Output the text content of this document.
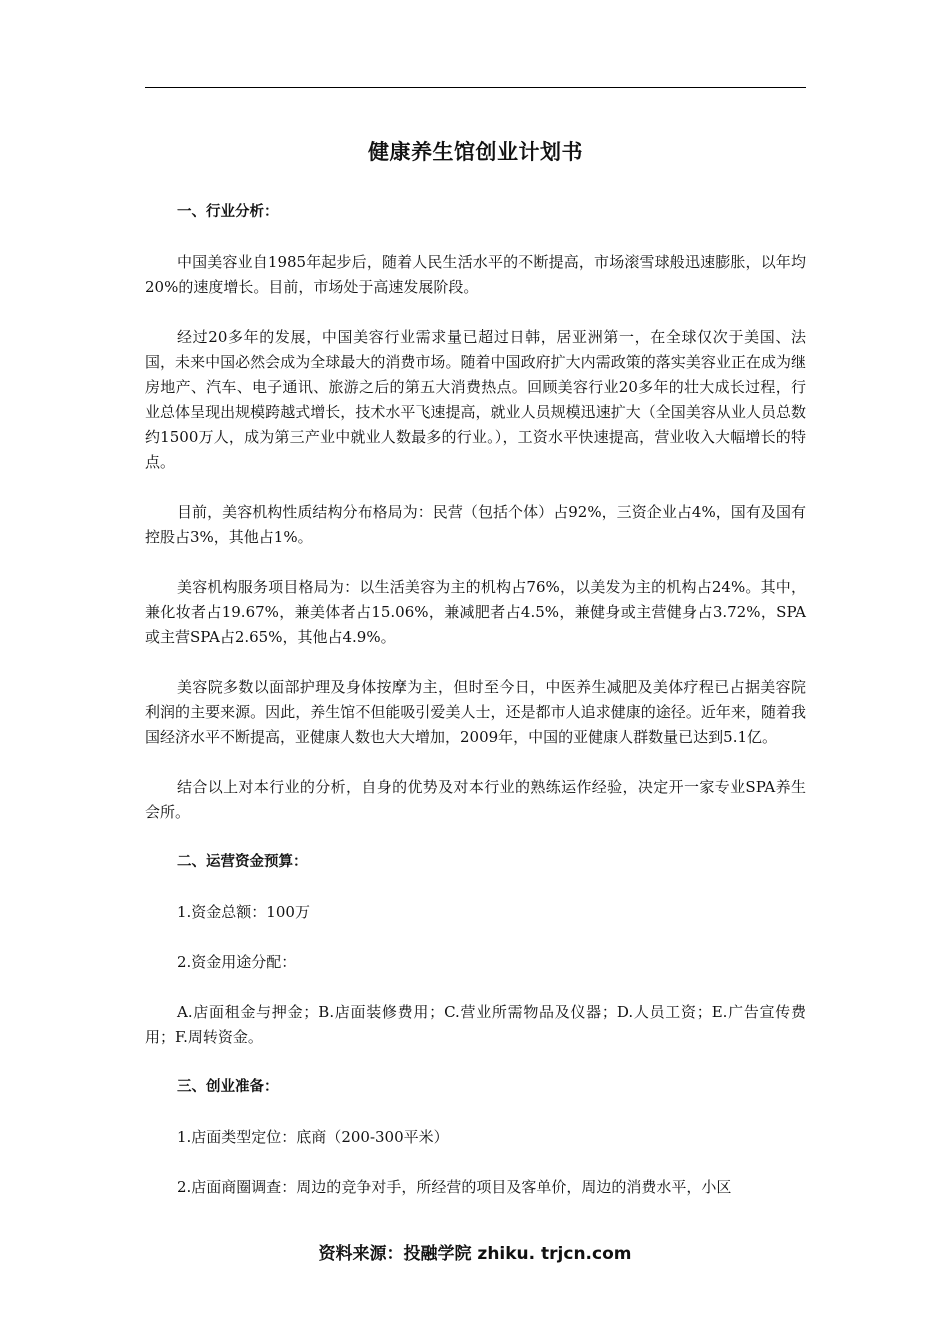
健康养生馆创业计划书
一、行业分析：

中国美容业自1985年起步后，随着人民生活水平的不断提高，市场滚雪球般迅速膨胀，以年均20%的速度增长。目前，市场处于高速发展阶段。

经过20多年的发展，中国美容行业需求量已超过日韩，居亚洲第一，在全球仅次于美国、法国，未来中国必然会成为全球最大的消费市场。随着中国政府扩大内需政策的落实美容业正在成为继房地产、汽车、电子通讯、旅游之后的第五大消费热点。回顾美容行业20多年的壮大成长过程，行业总体呈现出规模跨越式增长，技术水平飞速提高，就业人员规模迅速扩大（全国美容从业人员总数约1500万人，成为第三产业中就业人数最多的行业。），工资水平快速提高，营业收入大幅增长的特点。

目前，美容机构性质结构分布格局为：民营（包括个体）占92%，三资企业占4%，国有及国有控股占3%，其他占1%。

美容机构服务项目格局为：以生活美容为主的机构占76%，以美发为主的机构占24%。其中，兼化妆者占19.67%，兼美体者占15.06%，兼减肥者占4.5%，兼健身或主营健身占3.72%，SPA或主营SPA占2.65%，其他占4.9%。

美容院多数以面部护理及身体按摩为主，但时至今日，中医养生减肥及美体疗程已占据美容院利润的主要来源。因此，养生馆不但能吸引爱美人士，还是都市人追求健康的途径。近年来，随着我国经济水平不断提高，亚健康人数也大大增加，2009年，中国的亚健康人群数量已达到5.1亿。

结合以上对本行业的分析，自身的优势及对本行业的熟练运作经验，决定开一家专业SPA养生会所。

二、运营资金预算：

1.资金总额：100万

2.资金用途分配：

A.店面租金与押金；B.店面装修费用；C.营业所需物品及仪器；D.人员工资；E.广告宣传费用；F.周转资金。

三、创业准备：

1.店面类型定位：底商（200-300平米）

2.店面商圈调查：周边的竞争对手，所经营的项目及客单价，周边的消费水平，小区

资料来源：投融学院 zhiku. trjcn.com
